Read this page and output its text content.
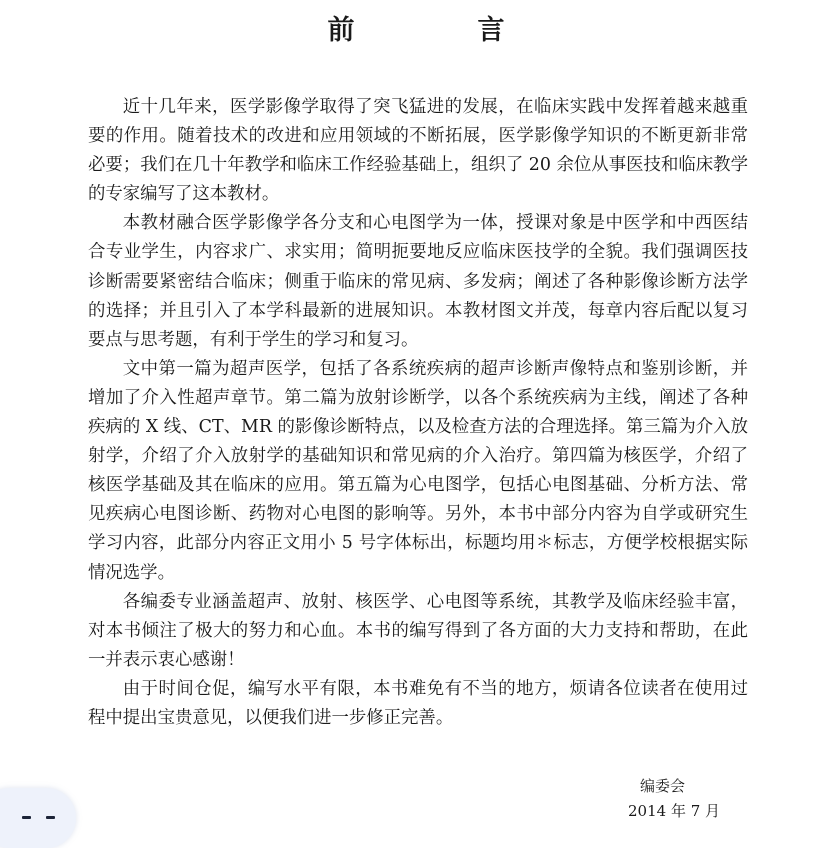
前　言

近十几年来，医学影像学取得了突飞猛进的发展，在临床实践中发挥着越来越重要的作用。随着技术的改进和应用领域的不断拓展，医学影像学知识的不断更新非常必要；我们在几十年教学和临床工作经验基础上，组织了 20 余位从事医技和临床教学的专家编写了这本教材。

本教材融合医学影像学各分支和心电图学为一体，授课对象是中医学和中西医结合专业学生，内容求广、求实用；简明扼要地反应临床医技学的全貌。我们强调医技诊断需要紧密结合临床；侧重于临床的常见病、多发病；阐述了各种影像诊断方法学的选择；并且引入了本学科最新的进展知识。本教材图文并茂，每章内容后配以复习要点与思考题，有利于学生的学习和复习。

文中第一篇为超声医学，包括了各系统疾病的超声诊断声像特点和鉴别诊断，并增加了介入性超声章节。第二篇为放射诊断学，以各个系统疾病为主线，阐述了各种疾病的 X 线、CT、MR 的影像诊断特点，以及检查方法的合理选择。第三篇为介入放射学，介绍了介入放射学的基础知识和常见病的介入治疗。第四篇为核医学，介绍了核医学基础及其在临床的应用。第五篇为心电图学，包括心电图基础、分析方法、常见疾病心电图诊断、药物对心电图的影响等。另外，本书中部分内容为自学或研究生学习内容，此部分内容正文用小 5 号字体标出，标题均用＊标志，方便学校根据实际情况选学。

各编委专业涵盖超声、放射、核医学、心电图等系统，其教学及临床经验丰富，对本书倾注了极大的努力和心血。本书的编写得到了各方面的大力支持和帮助，在此一并表示衷心感谢！

由于时间仓促，编写水平有限，本书难免有不当的地方，烦请各位读者在使用过程中提出宝贵意见，以便我们进一步修正完善。

编委会
2014 年 7 月
